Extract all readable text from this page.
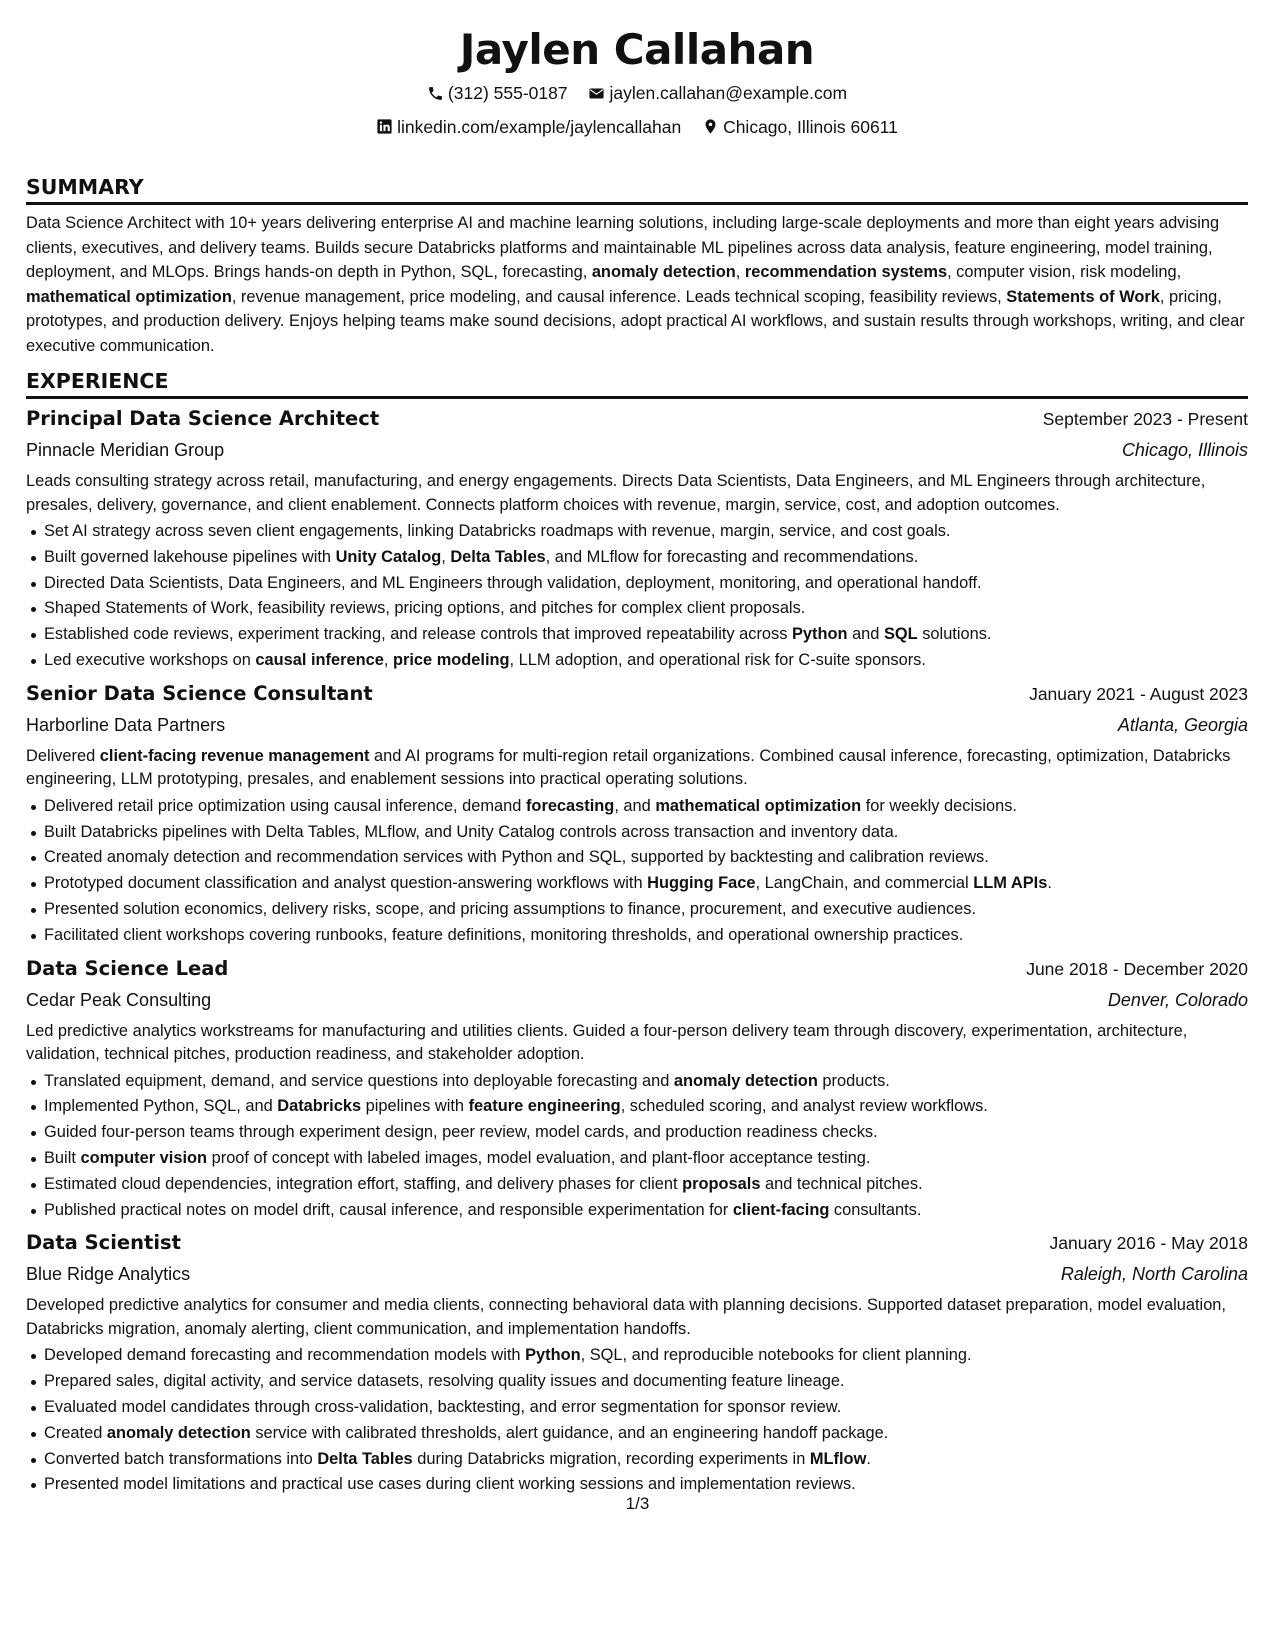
Jaylen Callahan
(312) 555-0187
jaylen.callahan@example.com
linkedin.com/example/jaylencallahan
Chicago, Illinois 60611
SUMMARY

Data Science Architect with 10+ years delivering enterprise AI and machine learning solutions, including large-scale deployments and more than eight years advising clients, executives, and delivery teams. Builds secure Databricks platforms and maintainable ML pipelines across data analysis, feature engineering, model training, deployment, and MLOps. Brings hands-on depth in Python, SQL, forecasting, anomaly detection, recommendation systems, computer vision, risk modeling, mathematical optimization, revenue management, price modeling, and causal inference. Leads technical scoping, feasibility reviews, Statements of Work, pricing, prototypes, and production delivery. Enjoys helping teams make sound decisions, adopt practical AI workflows, and sustain results through workshops, writing, and clear executive communication.

EXPERIENCE
Principal Data Science Architect	September 2023 - Present
Pinnacle Meridian Group	Chicago, Illinois

Leads consulting strategy across retail, manufacturing, and energy engagements. Directs Data Scientists, Data Engineers, and ML Engineers through architecture, presales, delivery, governance, and client enablement. Connects platform choices with revenue, margin, service, cost, and adoption outcomes.

Set AI strategy across seven client engagements, linking Databricks roadmaps with revenue, margin, service, and cost goals.
Built governed lakehouse pipelines with Unity Catalog, Delta Tables, and MLflow for forecasting and recommendations.
Directed Data Scientists, Data Engineers, and ML Engineers through validation, deployment, monitoring, and operational handoff.
Shaped Statements of Work, feasibility reviews, pricing options, and pitches for complex client proposals.
Established code reviews, experiment tracking, and release controls that improved repeatability across Python and SQL solutions.
Led executive workshops on causal inference, price modeling, LLM adoption, and operational risk for C-suite sponsors.
Senior Data Science Consultant	January 2021 - August 2023
Harborline Data Partners	Atlanta, Georgia

Delivered client-facing revenue management and AI programs for multi-region retail organizations. Combined causal inference, forecasting, optimization, Databricks engineering, LLM prototyping, presales, and enablement sessions into practical operating solutions.

Delivered retail price optimization using causal inference, demand forecasting, and mathematical optimization for weekly decisions.
Built Databricks pipelines with Delta Tables, MLflow, and Unity Catalog controls across transaction and inventory data.
Created anomaly detection and recommendation services with Python and SQL, supported by backtesting and calibration reviews.
Prototyped document classification and analyst question-answering workflows with Hugging Face, LangChain, and commercial LLM APIs.
Presented solution economics, delivery risks, scope, and pricing assumptions to finance, procurement, and executive audiences.
Facilitated client workshops covering runbooks, feature definitions, monitoring thresholds, and operational ownership practices.
Data Science Lead	June 2018 - December 2020
Cedar Peak Consulting	Denver, Colorado

Led predictive analytics workstreams for manufacturing and utilities clients. Guided a four-person delivery team through discovery, experimentation, architecture, validation, technical pitches, production readiness, and stakeholder adoption.

Translated equipment, demand, and service questions into deployable forecasting and anomaly detection products.
Implemented Python, SQL, and Databricks pipelines with feature engineering, scheduled scoring, and analyst review workflows.
Guided four-person teams through experiment design, peer review, model cards, and production readiness checks.
Built computer vision proof of concept with labeled images, model evaluation, and plant-floor acceptance testing.
Estimated cloud dependencies, integration effort, staffing, and delivery phases for client proposals and technical pitches.
Published practical notes on model drift, causal inference, and responsible experimentation for client-facing consultants.
Data Scientist	January 2016 - May 2018
Blue Ridge Analytics	Raleigh, North Carolina

Developed predictive analytics for consumer and media clients, connecting behavioral data with planning decisions. Supported dataset preparation, model evaluation, Databricks migration, anomaly alerting, client communication, and implementation handoffs.

Developed demand forecasting and recommendation models with Python, SQL, and reproducible notebooks for client planning.
Prepared sales, digital activity, and service datasets, resolving quality issues and documenting feature lineage.
Evaluated model candidates through cross-validation, backtesting, and error segmentation for sponsor review.
Created anomaly detection service with calibrated thresholds, alert guidance, and an engineering handoff package.
Converted batch transformations into Delta Tables during Databricks migration, recording experiments in MLflow.
Presented model limitations and practical use cases during client working sessions and implementation reviews.
1/3
